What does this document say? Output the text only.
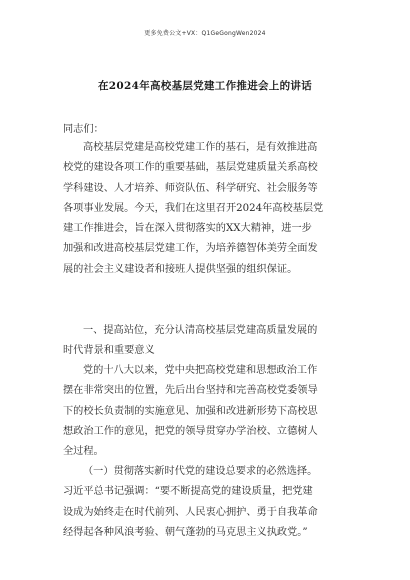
更多免费公文+VX：Q1GeGongWen2024
在2024年高校基层党建工作推进会上的讲话
同志们：
高校基层党建是高校党建工作的基石，是有效推进高
校党的建设各项工作的重要基础，基层党建质量关系高校
学科建设、人才培养、师资队伍、科学研究、社会服务等
各项事业发展。今天，我们在这里召开2024年高校基层党
建工作推进会，旨在深入贯彻落实的XX大精神，进一步
加强和改进高校基层党建工作，为培养德智体美劳全面发
展的社会主义建设者和接班人提供坚强的组织保证。
一、提高站位，充分认清高校基层党建高质量发展的
时代背景和重要意义
党的十八大以来，党中央把高校党建和思想政治工作
摆在非常突出的位置，先后出台坚持和完善高校党委领导
下的校长负责制的实施意见、加强和改进新形势下高校思
想政治工作的意见，把党的领导贯穿办学治校、立德树人
全过程。
（一）贯彻落实新时代党的建设总要求的必然选择。
习近平总书记强调：“要不断提高党的建设质量，把党建
设成为始终走在时代前列、人民衷心拥护、勇于自我革命
经得起各种风浪考验、朝气蓬勃的马克思主义执政党。”
